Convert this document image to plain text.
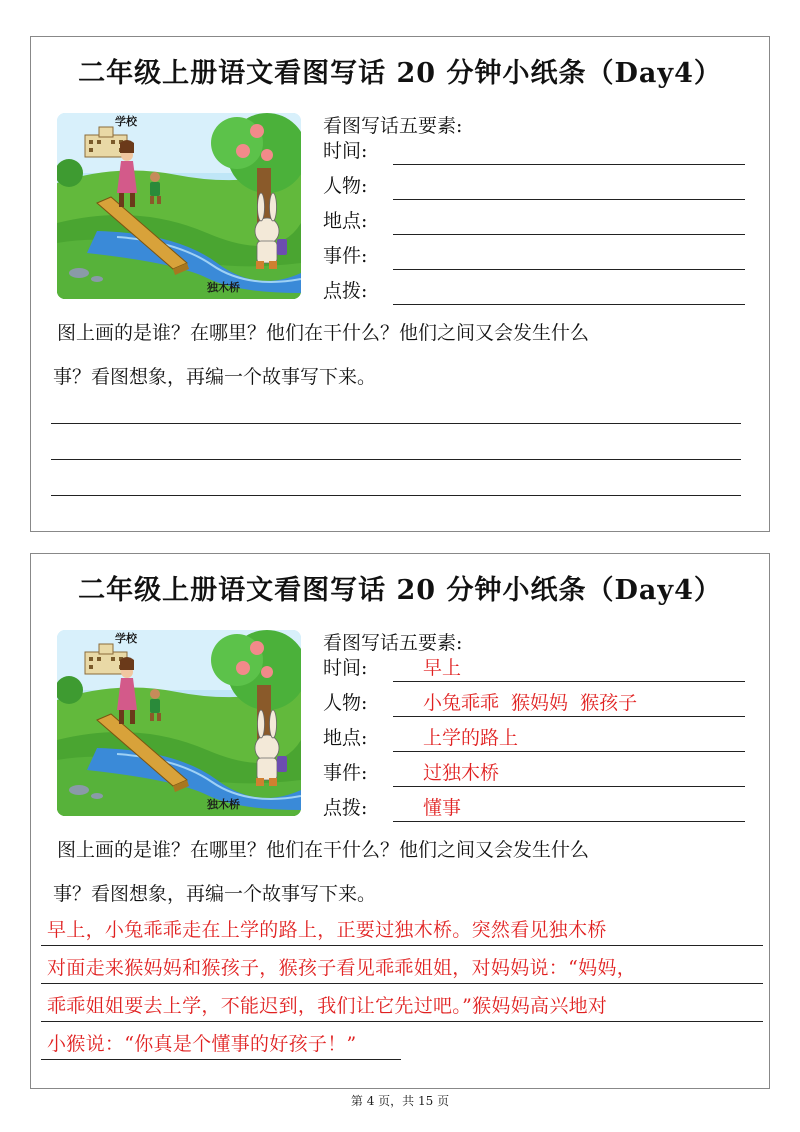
二年级上册语文看图写话 20 分钟小纸条（Day4）
学校
独木桥
看图写话五要素:
时间:
人物:
地点:
事件:
点拨:
图上画的是谁？在哪里？他们在干什么？他们之间又会发生什么
事？看图想象，再编一个故事写下来。
二年级上册语文看图写话 20 分钟小纸条（Day4）
学校
独木桥
看图写话五要素:
时间:	早上
人物:	小兔乖乖 猴妈妈 猴孩子
地点:	上学的路上
事件:	过独木桥
点拨:	懂事
图上画的是谁？在哪里？他们在干什么？他们之间又会发生什么
事？看图想象，再编一个故事写下来。
早上，小兔乖乖走在上学的路上，正要过独木桥。突然看见独木桥
对面走来猴妈妈和猴孩子，猴孩子看见乖乖姐姐，对妈妈说：“妈妈，
乖乖姐姐要去上学，不能迟到，我们让它先过吧。”猴妈妈高兴地对
小猴说：“你真是个懂事的好孩子！”
第 4 页，共 15 页
